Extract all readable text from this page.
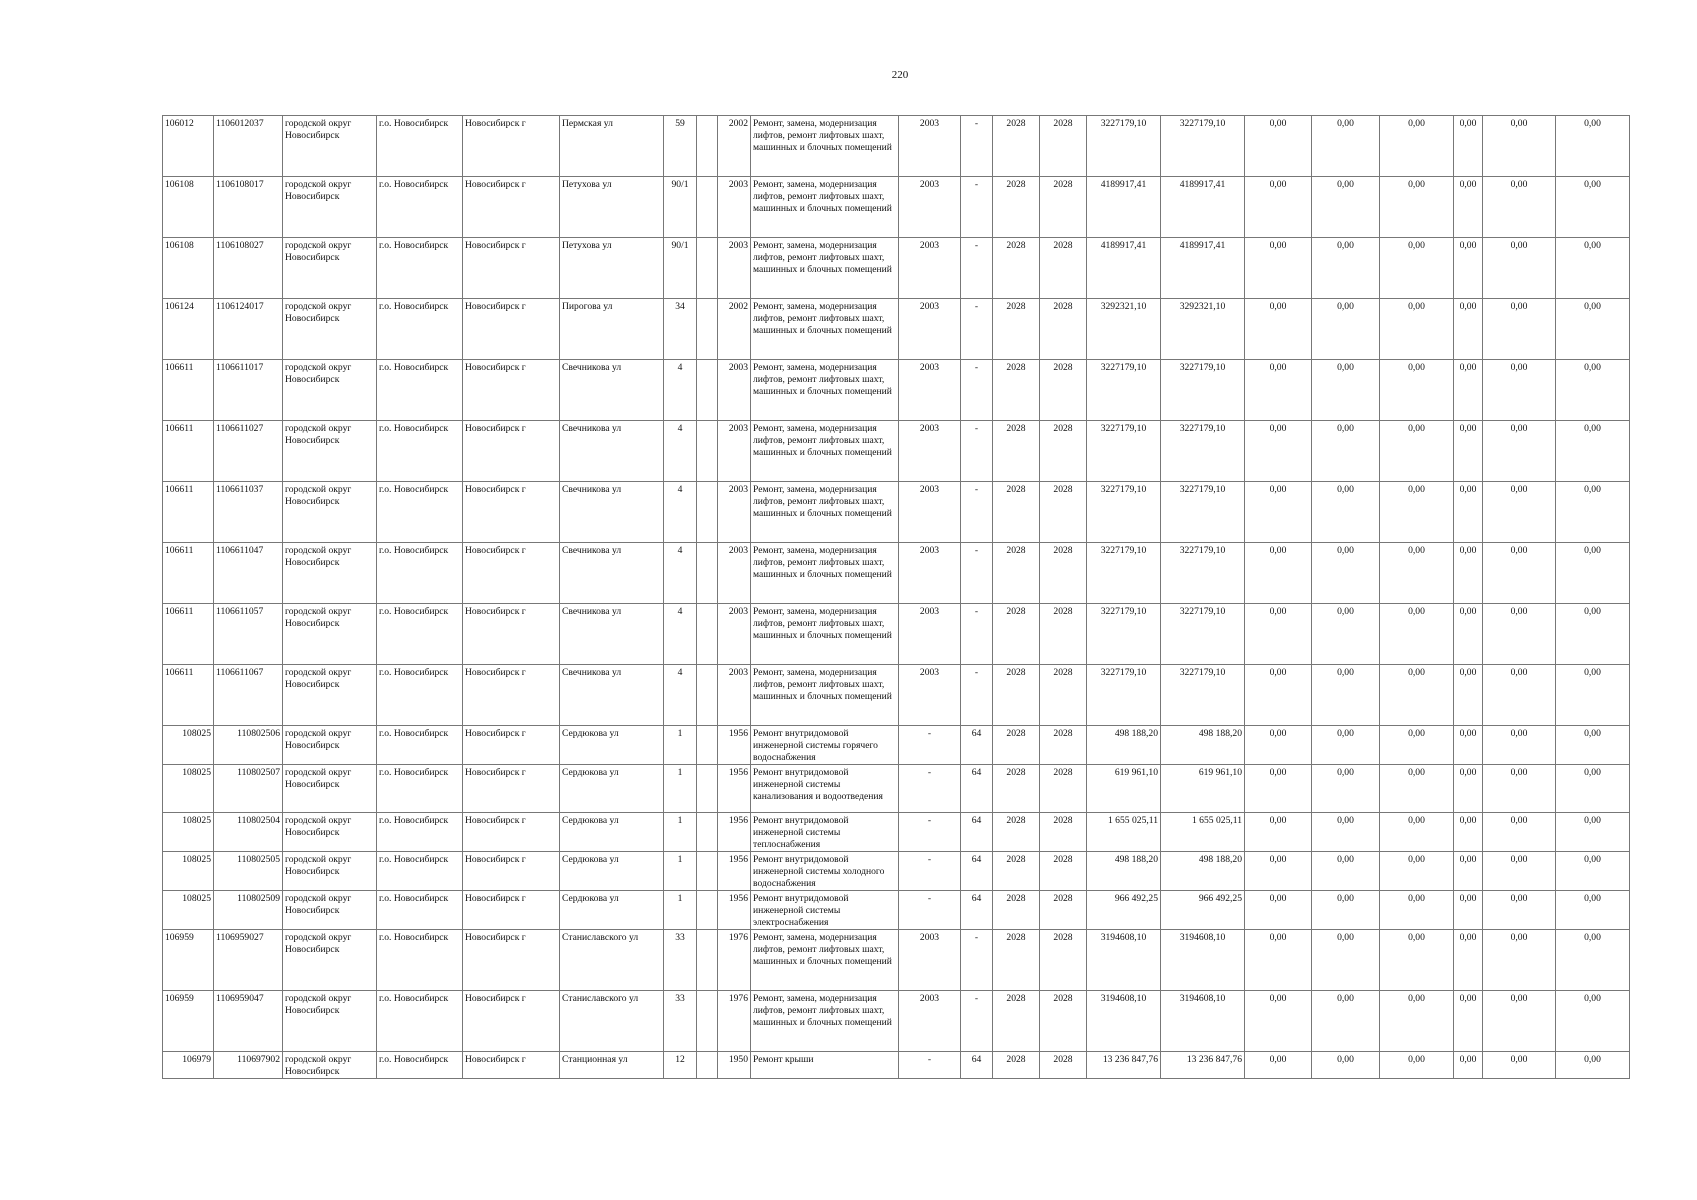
220
106012	1106012037	городской округ Новосибирск	г.о. Новосибирск	Новосибирск г	Пермская ул	59		2002	Ремонт, замена, модернизация лифтов, ремонт лифтовых шахт, машинных и блочных помещений	2003	-	2028	2028	3227179,10	3227179,10	0,00	0,00	0,00	0,00	0,00	0,00
106108	1106108017	городской округ Новосибирск	г.о. Новосибирск	Новосибирск г	Петухова ул	90/1		2003	Ремонт, замена, модернизация лифтов, ремонт лифтовых шахт, машинных и блочных помещений	2003	-	2028	2028	4189917,41	4189917,41	0,00	0,00	0,00	0,00	0,00	0,00
106108	1106108027	городской округ Новосибирск	г.о. Новосибирск	Новосибирск г	Петухова ул	90/1		2003	Ремонт, замена, модернизация лифтов, ремонт лифтовых шахт, машинных и блочных помещений	2003	-	2028	2028	4189917,41	4189917,41	0,00	0,00	0,00	0,00	0,00	0,00
106124	1106124017	городской округ Новосибирск	г.о. Новосибирск	Новосибирск г	Пирогова ул	34		2002	Ремонт, замена, модернизация лифтов, ремонт лифтовых шахт, машинных и блочных помещений	2003	-	2028	2028	3292321,10	3292321,10	0,00	0,00	0,00	0,00	0,00	0,00
106611	1106611017	городской округ Новосибирск	г.о. Новосибирск	Новосибирск г	Свечникова ул	4		2003	Ремонт, замена, модернизация лифтов, ремонт лифтовых шахт, машинных и блочных помещений	2003	-	2028	2028	3227179,10	3227179,10	0,00	0,00	0,00	0,00	0,00	0,00
106611	1106611027	городской округ Новосибирск	г.о. Новосибирск	Новосибирск г	Свечникова ул	4		2003	Ремонт, замена, модернизация лифтов, ремонт лифтовых шахт, машинных и блочных помещений	2003	-	2028	2028	3227179,10	3227179,10	0,00	0,00	0,00	0,00	0,00	0,00
106611	1106611037	городской округ Новосибирск	г.о. Новосибирск	Новосибирск г	Свечникова ул	4		2003	Ремонт, замена, модернизация лифтов, ремонт лифтовых шахт, машинных и блочных помещений	2003	-	2028	2028	3227179,10	3227179,10	0,00	0,00	0,00	0,00	0,00	0,00
106611	1106611047	городской округ Новосибирск	г.о. Новосибирск	Новосибирск г	Свечникова ул	4		2003	Ремонт, замена, модернизация лифтов, ремонт лифтовых шахт, машинных и блочных помещений	2003	-	2028	2028	3227179,10	3227179,10	0,00	0,00	0,00	0,00	0,00	0,00
106611	1106611057	городской округ Новосибирск	г.о. Новосибирск	Новосибирск г	Свечникова ул	4		2003	Ремонт, замена, модернизация лифтов, ремонт лифтовых шахт, машинных и блочных помещений	2003	-	2028	2028	3227179,10	3227179,10	0,00	0,00	0,00	0,00	0,00	0,00
106611	1106611067	городской округ Новосибирск	г.о. Новосибирск	Новосибирск г	Свечникова ул	4		2003	Ремонт, замена, модернизация лифтов, ремонт лифтовых шахт, машинных и блочных помещений	2003	-	2028	2028	3227179,10	3227179,10	0,00	0,00	0,00	0,00	0,00	0,00
108025	110802506	городской округ Новосибирск	г.о. Новосибирск	Новосибирск г	Сердюкова ул	1		1956	Ремонт внутридомовой инженерной системы горячего водоснабжения	-	64	2028	2028	498 188,20	498 188,20	0,00	0,00	0,00	0,00	0,00	0,00
108025	110802507	городской округ Новосибирск	г.о. Новосибирск	Новосибирск г	Сердюкова ул	1		1956	Ремонт внутридомовой инженерной системы канализования и водоотведения	-	64	2028	2028	619 961,10	619 961,10	0,00	0,00	0,00	0,00	0,00	0,00
108025	110802504	городской округ Новосибирск	г.о. Новосибирск	Новосибирск г	Сердюкова ул	1		1956	Ремонт внутридомовой инженерной системы теплоснабжения	-	64	2028	2028	1 655 025,11	1 655 025,11	0,00	0,00	0,00	0,00	0,00	0,00
108025	110802505	городской округ Новосибирск	г.о. Новосибирск	Новосибирск г	Сердюкова ул	1		1956	Ремонт внутридомовой инженерной системы холодного водоснабжения	-	64	2028	2028	498 188,20	498 188,20	0,00	0,00	0,00	0,00	0,00	0,00
108025	110802509	городской округ Новосибирск	г.о. Новосибирск	Новосибирск г	Сердюкова ул	1		1956	Ремонт внутридомовой инженерной системы электроснабжения	-	64	2028	2028	966 492,25	966 492,25	0,00	0,00	0,00	0,00	0,00	0,00
106959	1106959027	городской округ Новосибирск	г.о. Новосибирск	Новосибирск г	Станиславского ул	33		1976	Ремонт, замена, модернизация лифтов, ремонт лифтовых шахт, машинных и блочных помещений	2003	-	2028	2028	3194608,10	3194608,10	0,00	0,00	0,00	0,00	0,00	0,00
106959	1106959047	городской округ Новосибирск	г.о. Новосибирск	Новосибирск г	Станиславского ул	33		1976	Ремонт, замена, модернизация лифтов, ремонт лифтовых шахт, машинных и блочных помещений	2003	-	2028	2028	3194608,10	3194608,10	0,00	0,00	0,00	0,00	0,00	0,00
106979	110697902	городской округ Новосибирск	г.о. Новосибирск	Новосибирск г	Станционная ул	12		1950	Ремонт крыши	-	64	2028	2028	13 236 847,76	13 236 847,76	0,00	0,00	0,00	0,00	0,00	0,00
